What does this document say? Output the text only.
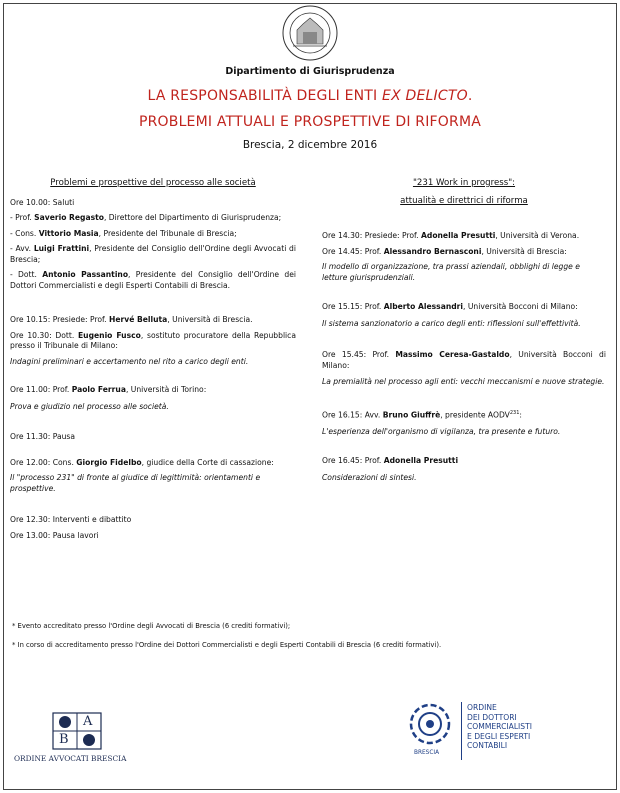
Dipartimento di Giurisprudenza
LA RESPONSABILITÀ DEGLI ENTI EX DELICTO.
PROBLEMI ATTUALI E PROSPETTIVE DI RIFORMA
Brescia, 2 dicembre 2016

Problemi e prospettive del processo alle società

Ore 10.00: Saluti

- Prof. Saverio Regasto, Direttore del Dipartimento di Giurisprudenza;

- Cons. Vittorio Masia, Presidente del Tribunale di Brescia;

- Avv. Luigi Frattini, Presidente del Consiglio dell'Ordine degli Avvocati di Brescia;

- Dott. Antonio Passantino, Presidente del Consiglio dell'Ordine dei Dottori Commercialisti e degli Esperti Contabili di Brescia.

Ore 10.15: Presiede: Prof. Hervé Belluta, Università di Brescia.

Ore 10.30: Dott. Eugenio Fusco, sostituto procuratore della Repubblica presso il Tribunale di Milano:

Indagini preliminari e accertamento nel rito a carico degli enti.

Ore 11.00: Prof. Paolo Ferrua, Università di Torino:

Prova e giudizio nel processo alle società.

Ore 11.30: Pausa

Ore 12.00: Cons. Giorgio Fidelbo, giudice della Corte di cassazione:

Il "processo 231" di fronte al giudice di legittimità: orientamenti e prospettive.

Ore 12.30: Interventi e dibattito

Ore 13.00: Pausa lavori

"231 Work in progress":

attualità e direttrici di riforma

Ore 14.30: Presiede: Prof. Adonella Presutti, Università di Verona.

Ore 14.45: Prof. Alessandro Bernasconi, Università di Brescia:

Il modello di organizzazione, tra prassi aziendali, obblighi di legge e letture giurisprudenziali.

Ore 15.15: Prof. Alberto Alessandri, Università Bocconi di Milano:

Il sistema sanzionatorio a carico degli enti: riflessioni sull'effettività.

Ore 15.45: Prof. Massimo Ceresa-Gastaldo, Università Bocconi di Milano:

La premialità nel processo agli enti: vecchi meccanismi e nuove strategie.

Ore 16.15: Avv. Bruno Giuffrè, presidente AODV$^{231}$:

L'esperienza dell'organismo di vigilanza, tra presente e futuro.

Ore 16.45: Prof. Adonella Presutti

Considerazioni di sintesi.

* Evento accreditato presso l'Ordine degli Avvocati di Brescia (6 crediti formativi);
* In corso di accreditamento presso l'Ordine dei Dottori Commercialisti e degli Esperti Contabili di Brescia (6 crediti formativi).
A
B
ORDINE AVVOCATI BRESCIA
BRESCIA
ORDINE
DEI DOTTORI
COMMERCIALISTI
E DEGLI ESPERTI
CONTABILI
